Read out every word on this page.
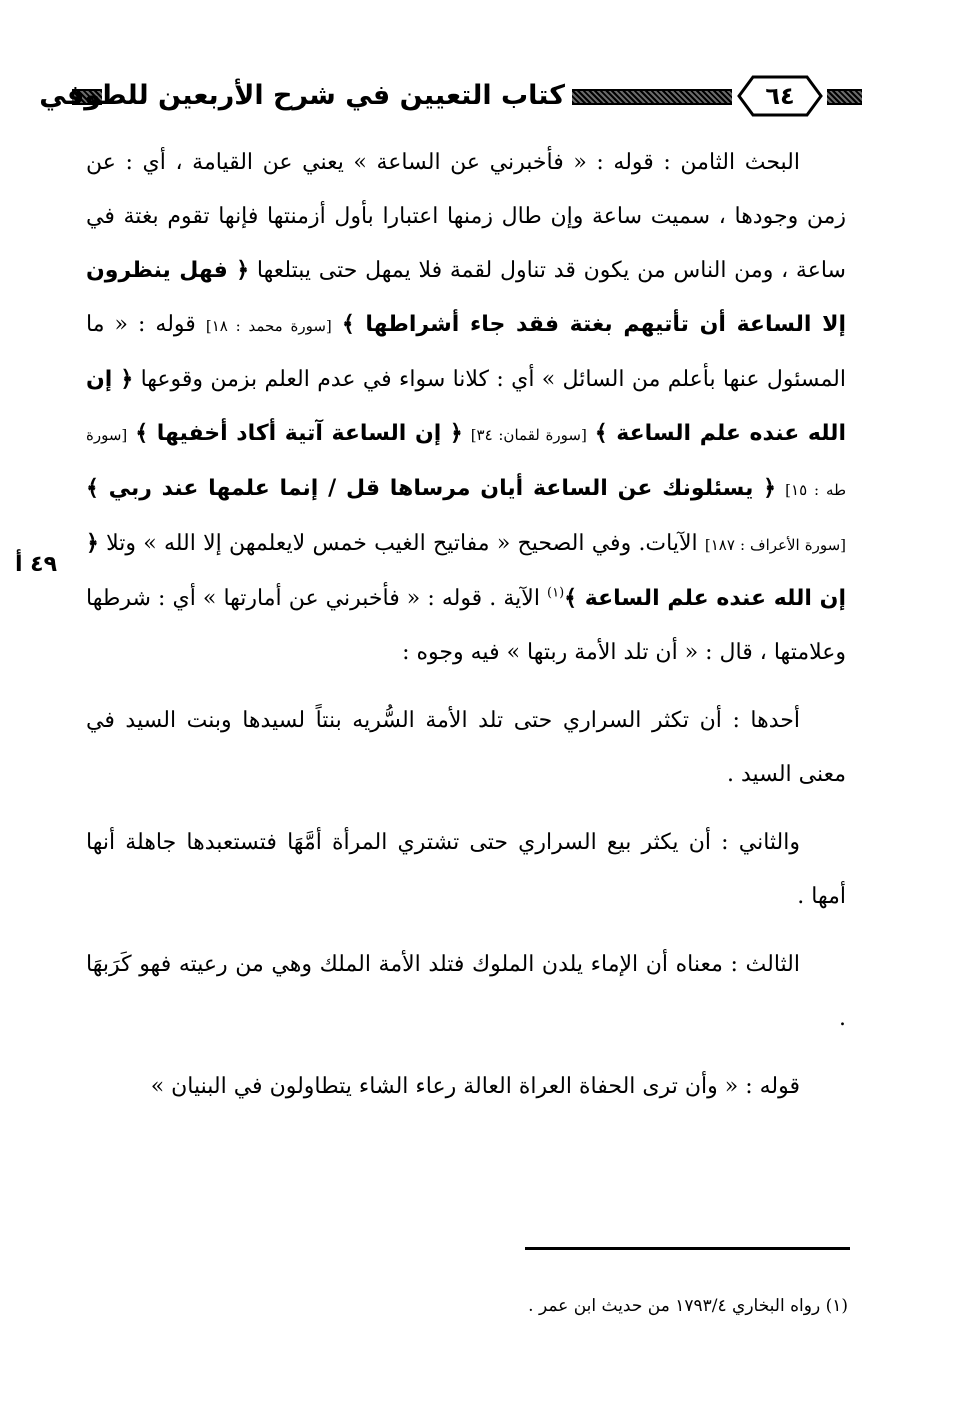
كتاب التعيين في شرح الأربعين للطوفي	٦٤
٤٩ أ

البحث الثامن : قوله : « فأخبرني عن الساعة » يعني عن القيامة ، أي : عن زمن وجودها ، سميت ساعة وإن طال زمنها اعتبارا بأول أزمنتها فإنها تقوم بغتة في ساعة ، ومن الناس من يكون قد تناول لقمة فلا يمهل حتى يبتلعها ﴿ فهل ينظرون إلا الساعة أن تأتيهم بغتة فقد جاء أشراطها ﴾ [سورة محمد : ١٨] قوله : « ما المسئول عنها بأعلم من السائل » أي : كلانا سواء في عدم العلم بزمن وقوعها ﴿ إن الله عنده علم الساعة ﴾ [سورة لقمان: ٣٤] ﴿ إن الساعة آتية أكاد أخفيها ﴾ [سورة طه : ١٥] ﴿ يسئلونك عن الساعة أيان مرساها قل / إنما علمها عند ربي ﴾ [سورة الأعراف : ١٨٧] الآيات. وفي الصحيح « مفاتيح الغيب خمس لايعلمهن إلا الله » وتلا ﴿ إن الله عنده علم الساعة ﴾$^{(١)}$ الآية . قوله : « فأخبرني عن أمارتها » أي : شرطها وعلامتها ، قال : « أن تلد الأمة ربتها » فيه وجوه :

أحدها : أن تكثر السراري حتى تلد الأمة السُّريه بنتاً لسيدها وبنت السيد في معنى السيد .

والثاني : أن يكثر بيع السراري حتى تشتري المرأة أمَّهَا فتستعبدها جاهلة أنها أمها .

الثالث : معناه أن الإماء يلدن الملوك فتلد الأمة الملك وهي من رعيته فهو كَرَبهَا .

قوله : « وأن ترى الحفاة العراة العالة رعاء الشاء يتطاولون في البنيان »

(١) رواه البخاري ١٧٩٣/٤ من حديث ابن عمر .
